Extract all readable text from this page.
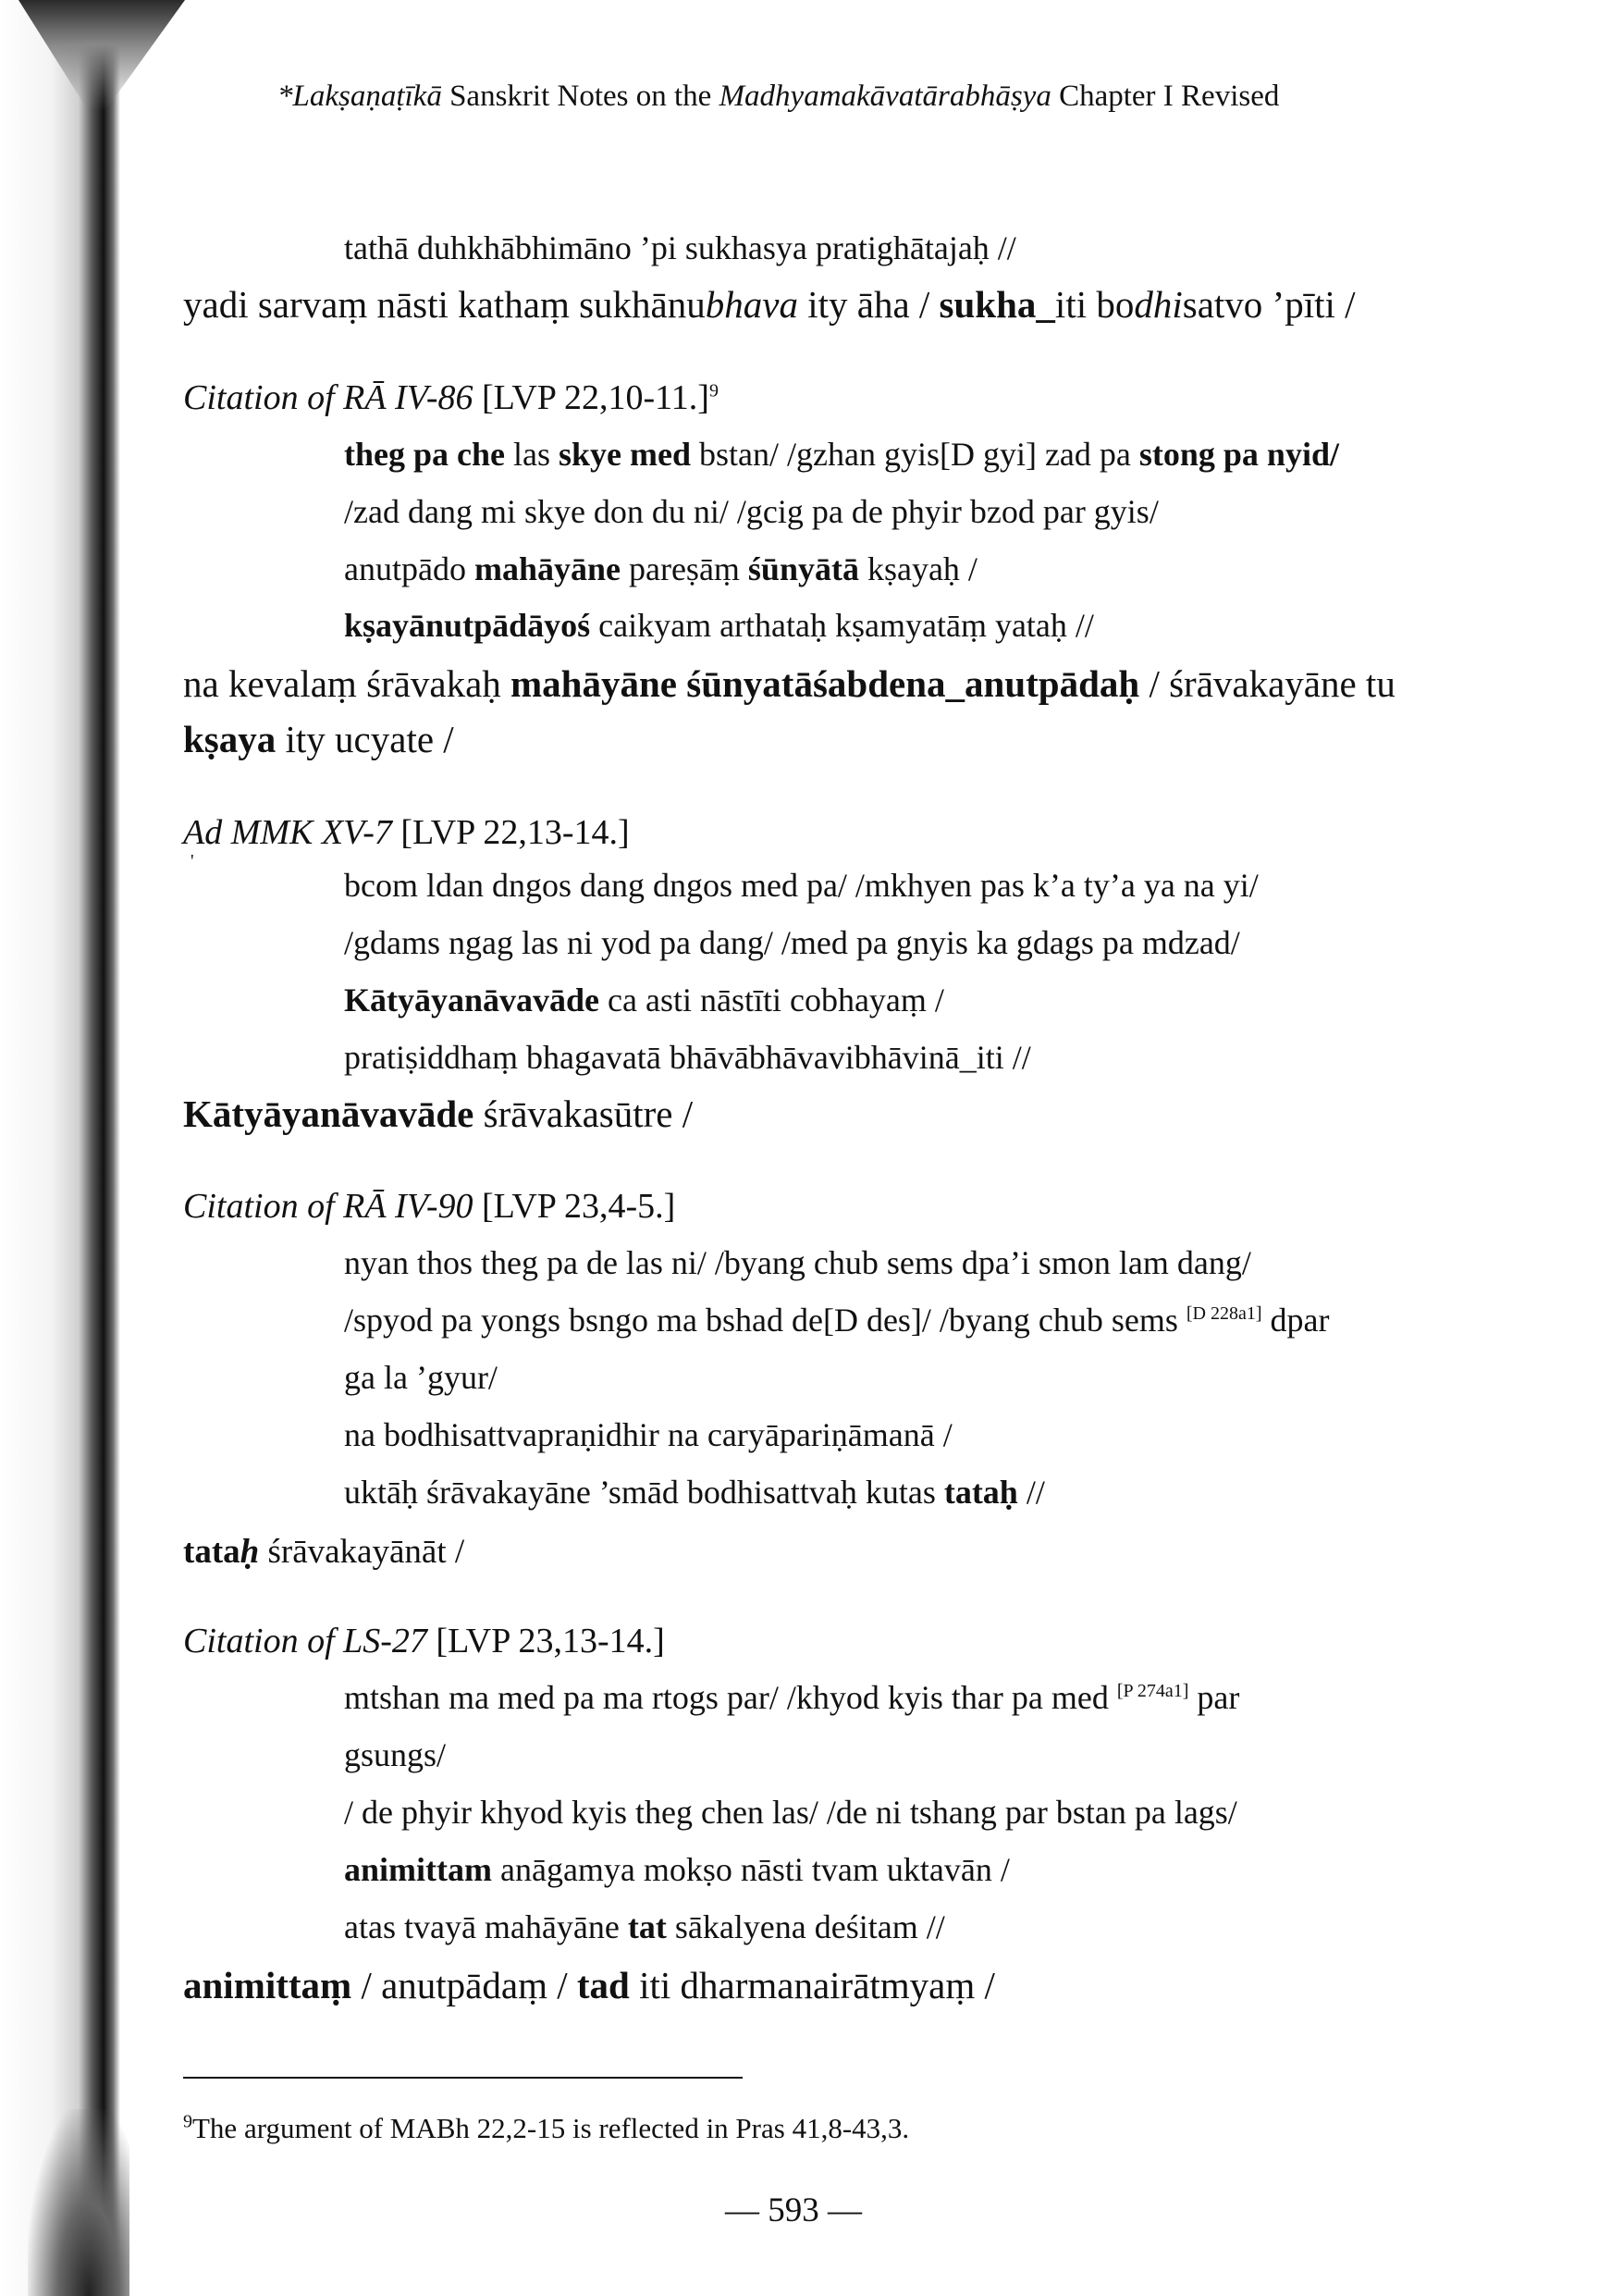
*Lakṣaṇaṭīkā Sanskrit Notes on the Madhyamakāvatārabhāṣya Chapter I Revised
tathā duhkhābhimāno ’pi sukhasya pratighātajaḥ //
yadi sarvaṃ nāsti kathaṃ sukhānubhava ity āha / sukha_iti bodhisatvo ’pīti /
Citation of RĀ IV-86 [LVP 22,10-11.]$^9$
theg pa che las skye med bstan/ /gzhan gyis[D gyi] zad pa stong pa nyid/
/zad dang mi skye don du ni/ /gcig pa de phyir bzod par gyis/
anutpādo mahāyāne pareṣāṃ śūnyātā kṣayaḥ /
kṣayānutpādāyoś caikyam arthataḥ kṣamyatāṃ yataḥ //
na kevalaṃ śrāvakaḥ mahāyāne śūnyatāśabdena_anutpādaḥ / śrāvakayāne tu
kṣaya ity ucyate /
Ad MMK XV-7 [LVP 22,13-14.]
'
bcom ldan dngos dang dngos med pa/ /mkhyen pas k’a ty’a ya na yi/
/gdams ngag las ni yod pa dang/ /med pa gnyis ka gdags pa mdzad/
Kātyāyanāvavāde ca asti nāstīti cobhayaṃ /
pratiṣiddhaṃ bhagavatā bhāvābhāvavibhāvinā_iti //
Kātyāyanāvavāde śrāvakasūtre /
Citation of RĀ IV-90 [LVP 23,4-5.]
nyan thos theg pa de las ni/ /byang chub sems dpa’i smon lam dang/
/spyod pa yongs bsngo ma bshad de[D des]/ /byang chub sems [D 228a1] dpar
ga la ’gyur/
na bodhisattvapraṇidhir na caryāpariṇāmanā /
uktāḥ śrāvakayāne ’smād bodhisattvaḥ kutas tataḥ //
tataḥ śrāvakayānāt /
Citation of LS-27 [LVP 23,13-14.]
mtshan ma med pa ma rtogs par/ /khyod kyis thar pa med [P 274a1] par
gsungs/
/ de phyir khyod kyis theg chen las/ /de ni tshang par bstan pa lags/
animittam anāgamya mokṣo nāsti tvam uktavān /
atas tvayā mahāyāne tat sākalyena deśitam //
animittaṃ / anutpādaṃ / tad iti dharmanairātmyaṃ /
$^9$The argument of MABh 22,2-15 is reflected in Pras 41,8-43,3.
— 593 —
